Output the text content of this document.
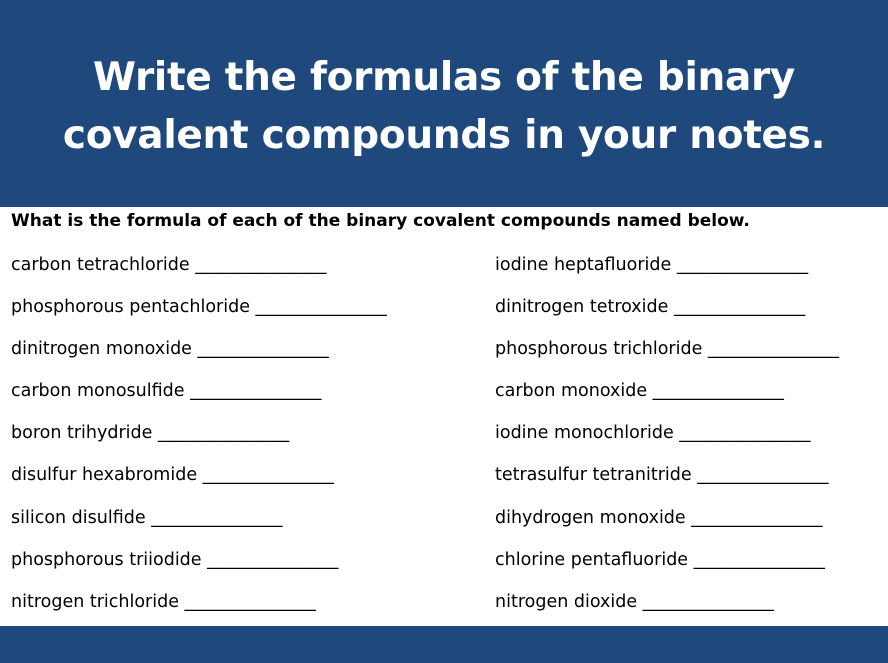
Write the formulas of the binary
covalent compounds in your notes.
What is the formula of each of the binary covalent compounds named below.
carbon tetrachloride _______________
phosphorous pentachloride _______________
dinitrogen monoxide _______________
carbon monosulfide _______________
boron trihydride _______________
disulfur hexabromide _______________
silicon disulfide _______________
phosphorous triiodide _______________
nitrogen trichloride _______________
iodine heptafluoride _______________
dinitrogen tetroxide _______________
phosphorous trichloride _______________
carbon monoxide _______________
iodine monochloride _______________
tetrasulfur tetranitride _______________
dihydrogen monoxide _______________
chlorine pentafluoride _______________
nitrogen dioxide _______________
